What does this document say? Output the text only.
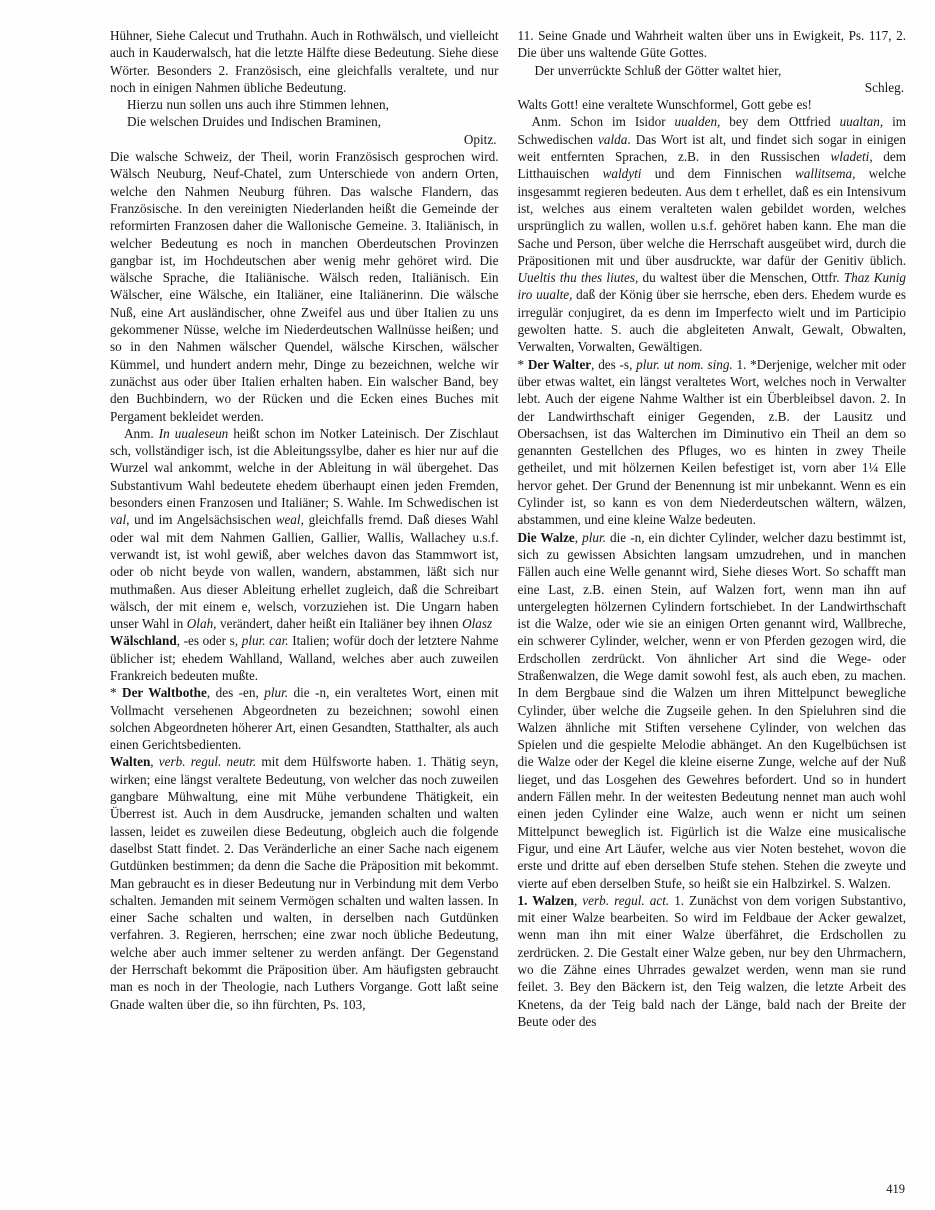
Hühner, Siehe Calecut und Truthahn. Auch in Rothwälsch, und vielleicht auch in Kauderwalsch, hat die letzte Hälfte diese Bedeutung. Siehe diese Wörter. Besonders 2. Französisch, eine gleichfalls veraltete, und nur noch in einigen Nahmen übliche Bedeutung.

Hierzu nun sollen uns auch ihre Stimmen lehnen,
Die welschen Druides und Indischen Braminen,
Opitz.

Die walsche Schweiz, der Theil, worin Französisch gesprochen wird. Wälsch Neuburg, Neuf-Chatel, zum Unterschiede von andern Orten, welche den Nahmen Neuburg führen. Das walsche Flandern, das Französische. In den vereinigten Niederlanden heißt die Gemeinde der reformirten Franzosen daher die Wallonische Gemeine. 3. Italiänisch, in welcher Bedeutung es noch in manchen Oberdeutschen Provinzen gangbar ist, im Hochdeutschen aber wenig mehr gehöret wird. Die wälsche Sprache, die Italiänische. Wälsch reden, Italiänisch. Ein Wälscher, eine Wälsche, ein Italiäner, eine Italiänerinn. Die wälsche Nuß, eine Art ausländischer, ohne Zweifel aus und über Italien zu uns gekommener Nüsse, welche im Niederdeutschen Wallnüsse heißen; und so in den Nahmen wälscher Quendel, wälsche Kirschen, wälscher Kümmel, und hundert andern mehr, Dinge zu bezeichnen, welche wir zunächst aus oder über Italien erhalten haben. Ein walscher Band, bey den Buchbindern, wo der Rücken und die Ecken eines Buches mit Pergament bekleidet werden.

Anm. In uualeseun heißt schon im Notker Lateinisch. Der Zischlaut sch, vollständiger isch, ist die Ableitungssylbe, daher es hier nur auf die Wurzel wal ankommt, welche in der Ableitung in wäl übergehet. Das Substantivum Wahl bedeutete ehedem überhaupt einen jeden Fremden, besonders einen Franzosen und Italiäner; S. Wahle. Im Schwedischen ist val, und im Angelsächsischen weal, gleichfalls fremd. Daß dieses Wahl oder wal mit dem Nahmen Gallien, Gallier, Wallis, Wallachey u.s.f. verwandt ist, ist wohl gewiß, aber welches davon das Stammwort ist, oder ob nicht beyde von wallen, wandern, abstammen, läßt sich nur muthmaßen. Aus dieser Ableitung erhellet zugleich, daß die Schreibart wälsch, der mit einem e, welsch, vorzuziehen ist. Die Ungarn haben unser Wahl in Olah, verändert, daher heißt ein Italiäner bey ihnen Olasz

Wälschland, -es oder s, plur. car. Italien; wofür doch der letztere Nahme üblicher ist; ehedem Wahlland, Walland, welches aber auch zuweilen Frankreich bedeuten mußte.

* Der Waltbothe, des -en, plur. die -n, ein veraltetes Wort, einen mit Vollmacht versehenen Abgeordneten zu bezeichnen; sowohl einen solchen Abgeordneten höherer Art, einen Gesandten, Statthalter, als auch einen Gerichtsbedienten.

Walten, verb. regul. neutr. mit dem Hülfsworte haben. 1. Thätig seyn, wirken; eine längst veraltete Bedeutung, von welcher das noch zuweilen gangbare Mühwaltung, eine mit Mühe verbundene Thätigkeit, ein Überrest ist. Auch in dem Ausdrucke, jemanden schalten und walten lassen, leidet es zuweilen diese Bedeutung, obgleich auch die folgende daselbst Statt findet. 2. Das Veränderliche an einer Sache nach eigenem Gutdünken bestimmen; da denn die Sache die Präposition mit bekommt. Man gebraucht es in dieser Bedeutung nur in Verbindung mit dem Verbo schalten. Jemanden mit seinem Vermögen schalten und walten lassen. In einer Sache schalten und walten, in derselben nach Gutdünken verfahren. 3. Regieren, herrschen; eine zwar noch übliche Bedeutung, welche aber auch immer seltener zu werden anfängt. Der Gegenstand der Herrschaft bekommt die Präposition über. Am häufigsten gebraucht man es noch in der Theologie, nach Luthers Vorgange. Gott laßt seine Gnade walten über die, so ihn fürchten, Ps. 103,

11. Seine Gnade und Wahrheit walten über uns in Ewigkeit, Ps. 117, 2. Die über uns waltende Güte Gottes.

Der unverrückte Schluß der Götter waltet hier,
Schleg.

Walts Gott! eine veraltete Wunschformel, Gott gebe es!

Anm. Schon im Isidor uualden, bey dem Ottfried uualtan, im Schwedischen valda. Das Wort ist alt, und findet sich sogar in einigen weit entfernten Sprachen, z.B. in den Russischen wladeti, dem Litthauischen waldyti und dem Finnischen wallitsema, welche insgesammt regieren bedeuten. Aus dem t erhellet, daß es ein Intensivum ist, welches aus einem veralteten walen gebildet worden, welches ursprünglich zu wallen, wollen u.s.f. gehöret haben kann. Ehe man die Sache und Person, über welche die Herrschaft ausgeübet wird, durch die Präpositionen mit und über ausdruckte, war dafür der Genitiv üblich. Uueltis thu thes liutes, du waltest über die Menschen, Ottfr. Thaz Kunig iro uualte, daß der König über sie herrsche, eben ders. Ehedem wurde es irregulär conjugiret, da es denn im Imperfecto wielt und im Participio gewolten hatte. S. auch die abgleiteten Anwalt, Gewalt, Obwalten, Verwalten, Vorwalten, Gewältigen.

* Der Walter, des -s, plur. ut nom. sing. 1. *Derjenige, welcher mit oder über etwas waltet, ein längst veraltetes Wort, welches noch in Verwalter lebt. Auch der eigene Nahme Walther ist ein Überbleibsel davon. 2. In der Landwirthschaft einiger Gegenden, z.B. der Lausitz und Obersachsen, ist das Walterchen im Diminutivo ein Theil an dem so genannten Gestellchen des Pfluges, wo es hinten in zwey Theile getheilet, und mit hölzernen Keilen befestiget ist, vorn aber 1¼ Elle hervor gehet. Der Grund der Benennung ist mir unbekannt. Wenn es ein Cylinder ist, so kann es von dem Niederdeutschen wältern, wälzen, abstammen, und eine kleine Walze bedeuten.

Die Walze, plur. die -n, ein dichter Cylinder, welcher dazu bestimmt ist, sich zu gewissen Absichten langsam umzudrehen, und in manchen Fällen auch eine Welle genannt wird, Siehe dieses Wort. So schafft man eine Last, z.B. einen Stein, auf Walzen fort, wenn man ihn auf untergelegten hölzernen Cylindern fortschiebet. In der Landwirthschaft ist die Walze, oder wie sie an einigen Orten genannt wird, Wallbreche, ein schwerer Cylinder, welcher, wenn er von Pferden gezogen wird, die Erdschollen zerdrückt. Von ähnlicher Art sind die Wege- oder Straßenwalzen, die Wege damit sowohl fest, als auch eben, zu machen. In dem Bergbaue sind die Walzen um ihren Mittelpunct bewegliche Cylinder, über welche die Zugseile gehen. In den Spieluhren sind die Walzen ähnliche mit Stiften versehene Cylinder, von welchen das Spielen und die gespielte Melodie abhänget. An den Kugelbüchsen ist die Walze oder der Kegel die kleine eiserne Zunge, welche auf der Nuß lieget, und das Losgehen des Gewehres befordert. Und so in hundert andern Fällen mehr. In der weitesten Bedeutung nennet man auch wohl einen jeden Cylinder eine Walze, auch wenn er nicht um seinen Mittelpunct beweglich ist. Figürlich ist die Walze eine musicalische Figur, und eine Art Läufer, welche aus vier Noten bestehet, wovon die erste und dritte auf eben derselben Stufe stehen. Stehen die zweyte und vierte auf eben derselben Stufe, so heißt sie ein Halbzirkel. S. Walzen.

1. Walzen, verb. regul. act. 1. Zunächst von dem vorigen Substantivo, mit einer Walze bearbeiten. So wird im Feldbaue der Acker gewalzet, wenn man ihn mit einer Walze überfähret, die Erdschollen zu zerdrücken. 2. Die Gestalt einer Walze geben, nur bey den Uhrmachern, wo die Zähne eines Uhrrades gewalzet werden, wenn man sie rund feilet. 3. Bey den Bäckern ist, den Teig walzen, die letzte Arbeit des Knetens, da der Teig bald nach der Länge, bald nach der Breite der Beute oder des

419
